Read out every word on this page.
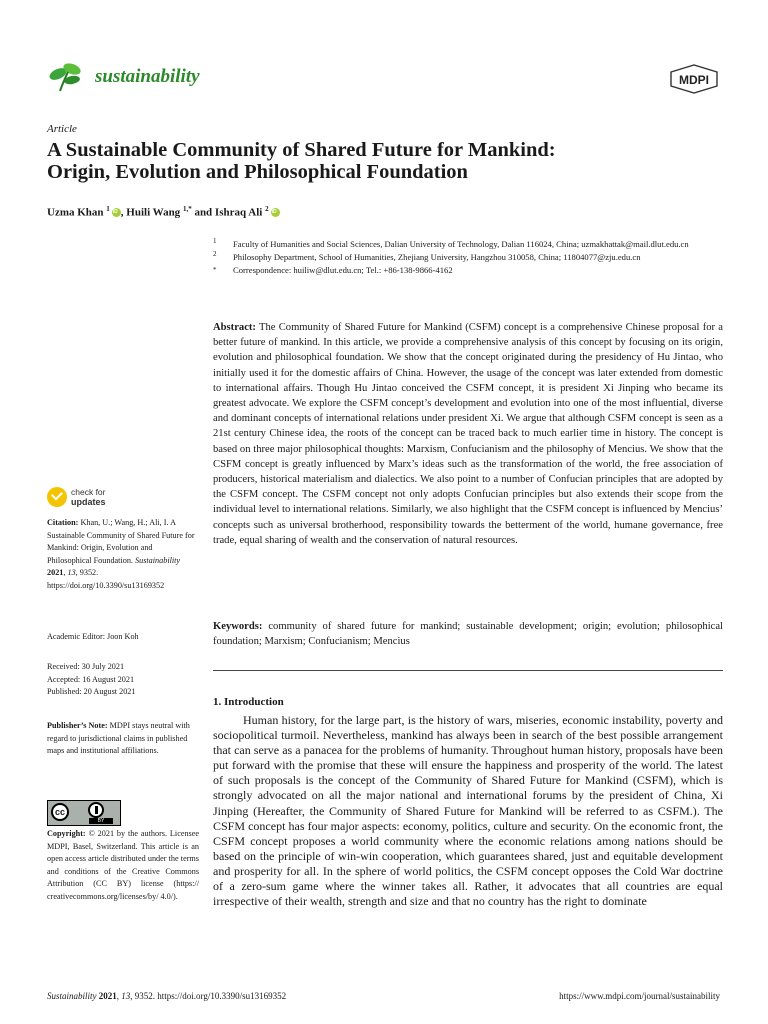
sustainability	MDPI
Article
A Sustainable Community of Shared Future for Mankind:
Origin, Evolution and Philosophical Foundation
Uzma Khan $^1$iD , Huili Wang $^{1,*}$ and Ishraq Ali $^2$iD
1 Faculty of Humanities and Social Sciences, Dalian University of Technology, Dalian 116024, China; uzmakhattak@mail.dlut.edu.cn
2 Philosophy Department, School of Humanities, Zhejiang University, Hangzhou 310058, China; 11804077@zju.edu.cn
* Correspondence: huiliw@dlut.edu.cn; Tel.: +86-138-9866-4162
Abstract: The Community of Shared Future for Mankind (CSFM) concept is a comprehensive Chinese proposal for a better future of mankind. In this article, we provide a comprehensive analysis of this concept by focusing on its origin, evolution and philosophical foundation. We show that the concept originated during the presidency of Hu Jintao, who initially used it for the domestic affairs of China. However, the usage of the concept was later extended from domestic to international affairs. Though Hu Jintao conceived the CSFM concept, it is president Xi Jinping who became its greatest advocate. We explore the CSFM concept’s development and evolution into one of the most influential, diverse and dominant concepts of international relations under president Xi. We argue that although CSFM concept is seen as a 21st century Chinese idea, the roots of the concept can be traced back to much earlier time in history. The concept is based on three major philosophical thoughts: Marxism, Confucianism and the philosophy of Mencius. We show that the CSFM concept is greatly influenced by Marx’s ideas such as the transformation of the world, the free association of producers, historical materialism and dialectics. We also point to a number of Confucian principles that are adopted by the CSFM concept. The CSFM concept not only adopts Confucian principles but also extends their scope from the individual level to international relations. Similarly, we also highlight that the CSFM concept is influenced by Mencius’ concepts such as universal brotherhood, responsibility towards the betterment of the world, humane governance, free trade, equal sharing of wealth and the conservation of natural resources.
Keywords: community of shared future for mankind; sustainable development; origin; evolution; philosophical foundation; Marxism; Confucianism; Mencius
check for
updates
Citation: Khan, U.; Wang, H.; Ali, I. A Sustainable Community of Shared Future for Mankind: Origin, Evolution and Philosophical Foundation. Sustainability 2021, 13, 9352. https://doi.org/10.3390/su13169352
Academic Editor: Joon Koh
Received: 30 July 2021
Accepted: 16 August 2021
Published: 20 August 2021
Publisher’s Note: MDPI stays neutral with regard to jurisdictional claims in published maps and institutional affiliations.
cc
BY
Copyright: © 2021 by the authors. Licensee MDPI, Basel, Switzerland. This article is an open access article distributed under the terms and conditions of the Creative Commons Attribution (CC BY) license (https:// creativecommons.org/licenses/by/ 4.0/).
1. Introduction
Human history, for the large part, is the history of wars, miseries, economic instability, poverty and sociopolitical turmoil. Nevertheless, mankind has always been in search of the best possible arrangement that can serve as a panacea for the problems of humanity. Throughout human history, proposals have been put forward with the promise that these will ensure the happiness and prosperity of the world. The latest of such proposals is the concept of the Community of Shared Future for Mankind (CSFM), which is strongly advocated on all the major national and international forums by the president of China, Xi Jinping (Hereafter, the Community of Shared Future for Mankind will be referred to as CSFM.). The CSFM concept has four major aspects: economy, politics, culture and security. On the economic front, the CSFM concept proposes a world community where the economic relations among nations should be based on the principle of win-win cooperation, which guarantees shared, just and equitable development and prosperity for all. In the sphere of world politics, the CSFM concept opposes the Cold War doctrine of a zero-sum game where the winner takes all. Rather, it advocates that all countries are equal irrespective of their wealth, strength and size and that no country has the right to dominate
Sustainability 2021, 13, 9352. https://doi.org/10.3390/su13169352	https://www.mdpi.com/journal/sustainability
